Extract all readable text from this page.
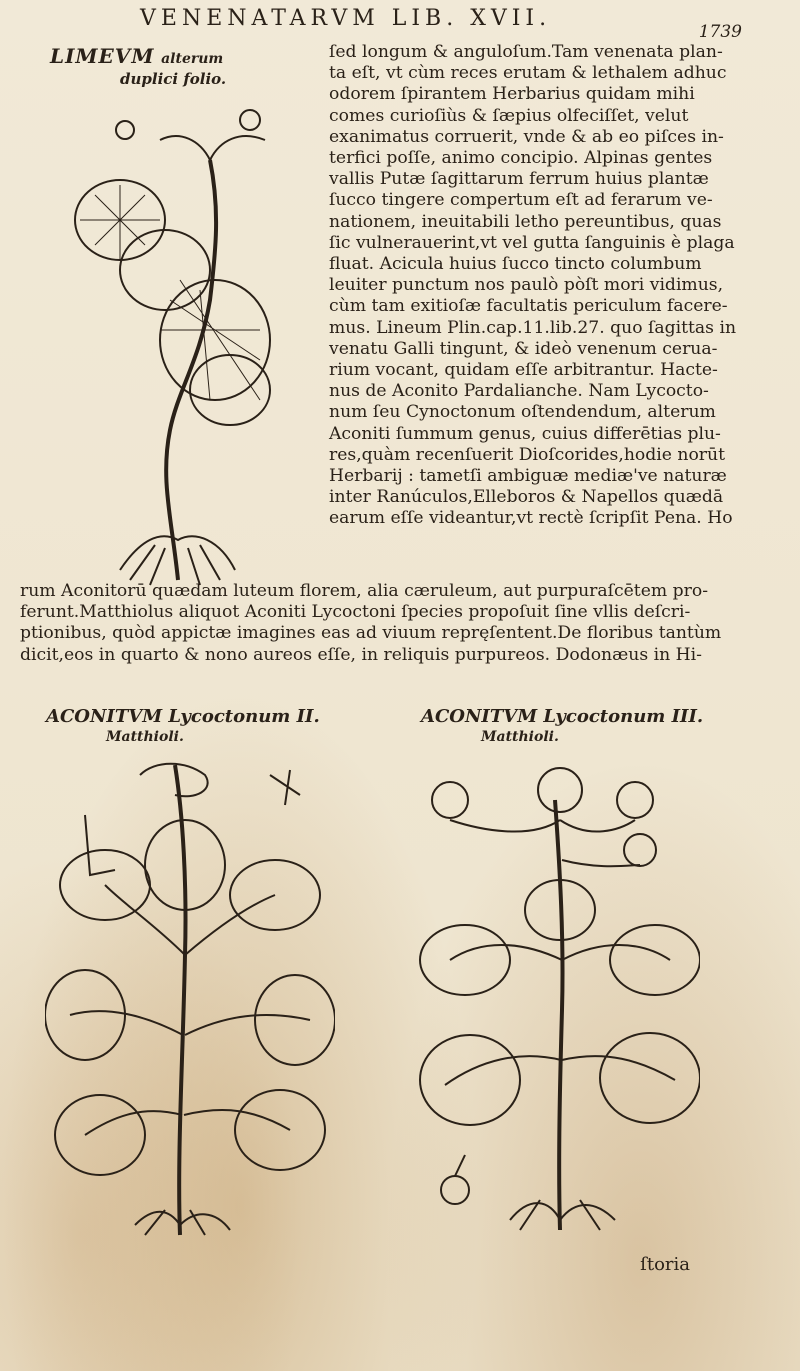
VENENATARVM LIB. XVII.
1739
LIMEVM alterum
duplici folio.
ſed longum & anguloſum.Tam venenata plan-
ta eſt, vt cùm reces erutam & lethalem adhuc
odorem ſpirantem Herbarius quidam mihi
comes curioſiùs & ſæpius olfeciſſet, velut
exanimatus corruerit, vnde & ab eo piſces in-
terfici poſſe, animo concipio. Alpinas gentes
vallis Putæ ſagittarum ferrum huius plantæ
ſucco tingere compertum eſt ad ferarum ve-
nationem, ineuitabili letho pereuntibus, quas
ſic vulnerauerint,vt vel gutta ſanguinis è plaga
fluat. Acicula huius ſucco tincto columbum
leuiter punctum nos paulò pòſt mori vidimus,
cùm tam exitioſæ facultatis periculum facere-
mus. Lineum Plin.cap.11.lib.27. quo ſagittas in
venatu Galli tingunt, & ideò venenum cerua-
rium vocant, quidam eſſe arbitrantur. Hacte-
nus de Aconito Pardalianche. Nam Lycocto-
num ſeu Cynoctonum oſtendendum, alterum
Aconiti ſummum genus, cuius differētias plu-
res,quàm recenſuerit Dioſcorides,hodie norūt
Herbarij : tametſi ambiguæ mediæ've naturæ
inter Ranúculos,Elleboros & Napellos quædā
earum eſſe videantur,vt rectè ſcripſit Pena. Ho
rum Aconitorū quædam luteum florem, alia cæruleum, aut purpuraſcētem pro-
ferunt.Matthiolus aliquot Aconiti Lycoctoni ſpecies propoſuit ſine vllis deſcri-
ptionibus, quòd appictæ imagines eas ad viuum repręſentent.De floribus tantùm
dicit,eos in quarto & nono aureos eſſe, in reliquis purpureos. Dodonæus in Hi-
ACONITVM Lycoctonum II.
Matthioli.
ACONITVM Lycoctonum III.
Matthioli.
ſtoria
